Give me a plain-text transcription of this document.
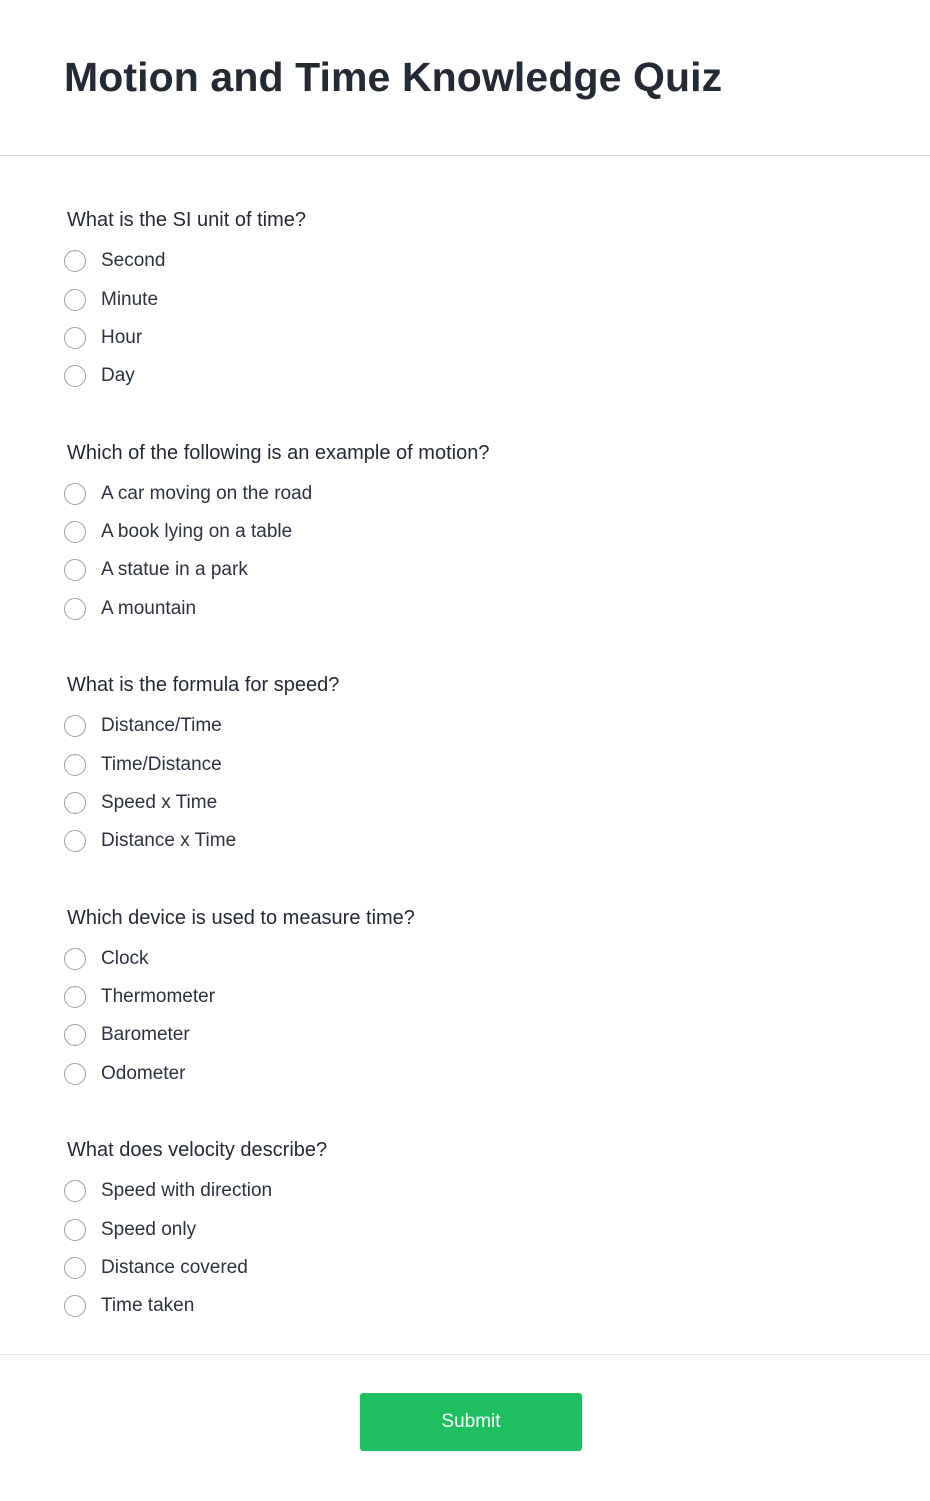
Motion and Time Knowledge Quiz
What is the SI unit of time?
Second
Minute
Hour
Day
Which of the following is an example of motion?
A car moving on the road
A book lying on a table
A statue in a park
A mountain
What is the formula for speed?
Distance/Time
Time/Distance
Speed x Time
Distance x Time
Which device is used to measure time?
Clock
Thermometer
Barometer
Odometer
What does velocity describe?
Speed with direction
Speed only
Distance covered
Time taken
Submit
